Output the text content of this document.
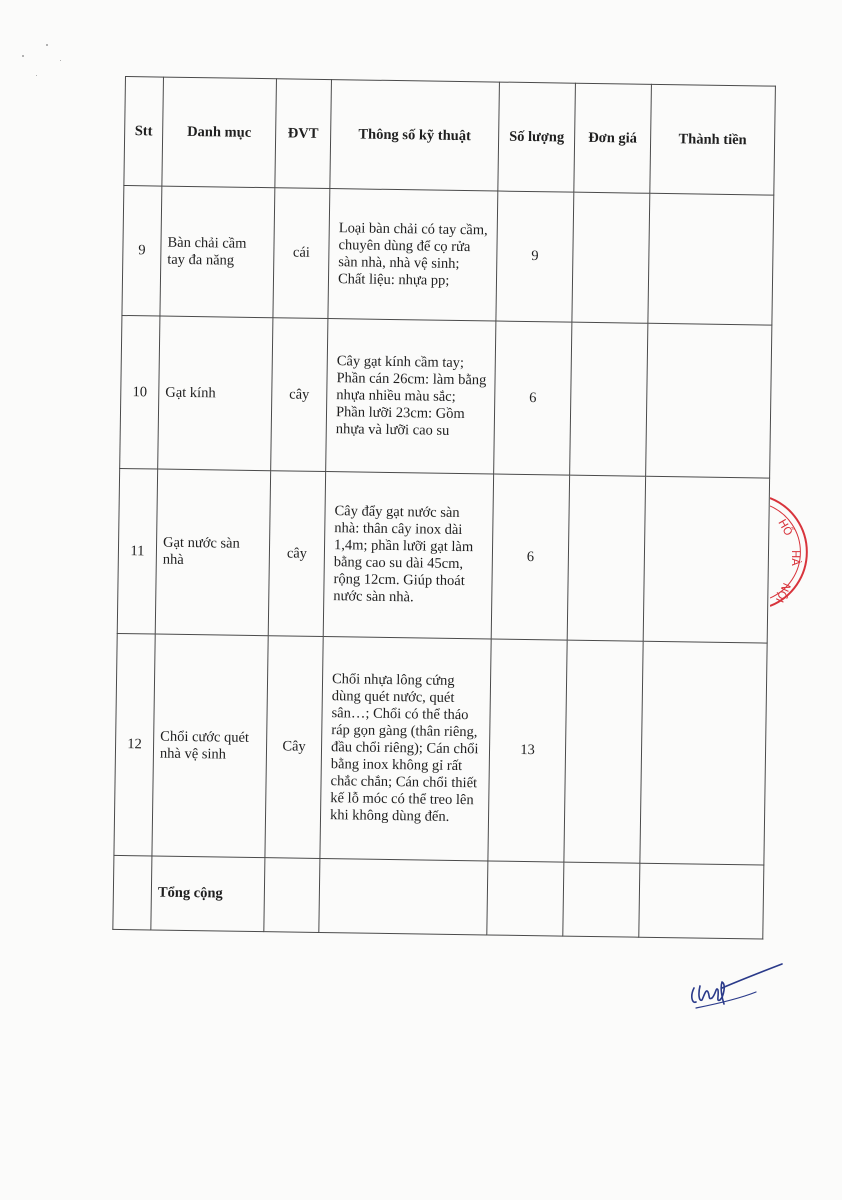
Stt	Danh mục	ĐVT	Thông số kỹ thuật	Số lượng	Đơn giá	Thành tiền
9	Bàn chải cầm tay đa năng	cái	Loại bàn chải có tay cầm, chuyên dùng để cọ rửa sàn nhà, nhà vệ sinh;
Chất liệu: nhựa pp;	9		
10	Gạt kính	cây	Cây gạt kính cầm tay;
Phần cán 26cm: làm bằng nhựa nhiều màu sắc;
Phần lưỡi 23cm: Gồm nhựa và lưỡi cao su	6		
11	Gạt nước sàn nhà	cây	Cây đẩy gạt nước sàn nhà: thân cây inox dài 1,4m; phần lưỡi gạt làm bằng cao su dài 45cm, rộng 12cm. Giúp thoát nước sàn nhà.	6		
12	Chổi cước quét nhà vệ sinh	Cây	Chổi nhựa lông cứng dùng quét nước, quét sân…; Chổi có thể tháo ráp gọn gàng (thân riêng, đầu chổi riêng); Cán chổi bằng inox không gỉ rất chắc chắn; Cán chổi thiết kế lỗ móc có thể treo lên khi không dùng đến.	13		
	Tổng cộng					
HỒ
HÀ
NỘI
